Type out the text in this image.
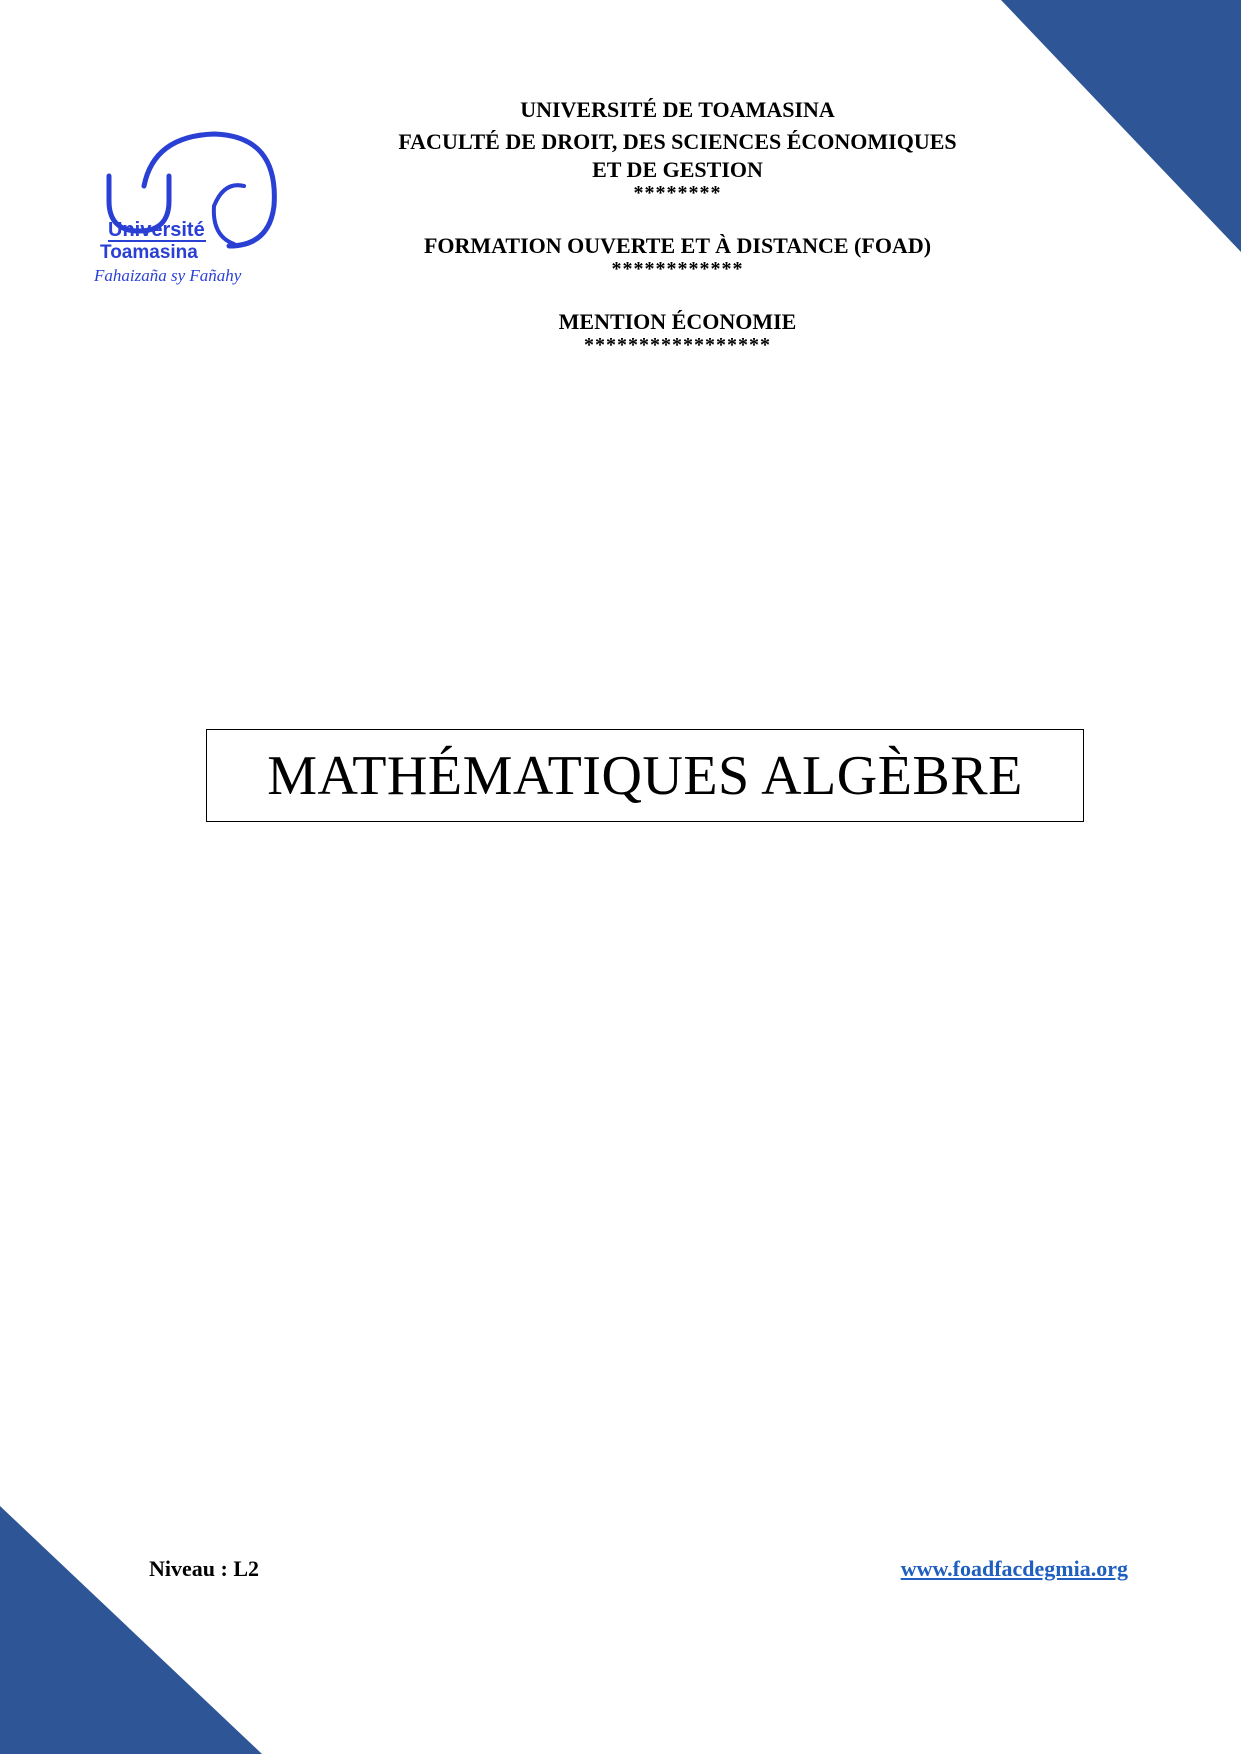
Université
Toamasina
Fahaizaña sy Fañahy
UNIVERSITÉ DE TOAMASINA
FACULTÉ DE DROIT, DES SCIENCES ÉCONOMIQUES
ET DE GESTION
********
FORMATION OUVERTE ET À DISTANCE (FOAD)
************
MENTION ÉCONOMIE
*****************
MATHÉMATIQUES ALGÈBRE
Niveau : L2	www.foadfacdegmia.org
